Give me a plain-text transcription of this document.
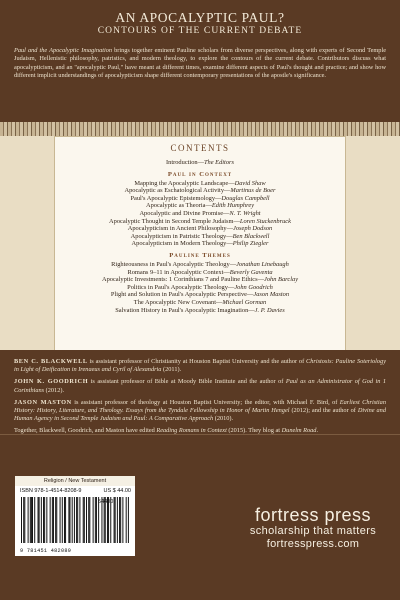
AN APOCALYPTIC PAUL?
CONTOURS OF THE CURRENT DEBATE

Paul and the Apocalyptic Imagination brings together eminent Pauline scholars from diverse perspectives, along with experts of Second Temple Judaism, Hellenistic philosophy, patristics, and modern theology, to explore the contours of the current debate. Contributors discuss what apocalypticism, and an "apocalyptic Paul," have meant at different times, examine different aspects of Paul's thought and practice; and show how different implicit understandings of apocalypticism shape different contemporary presentations of the apostle's significance.

CONTENTS
Introduction—The Editors
Paul in Context
Mapping the Apocalyptic Landscape—David Shaw
Apocalyptic as Eschatological Activity—Martinus de Boer
Paul's Apocalyptic Epistemology—Douglas Campbell
Apocalyptic as Theoria—Edith Humphrey
Apocalyptic and Divine Promise—N. T. Wright
Apocalyptic Thought in Second Temple Judaism—Loren Stuckenbruck
Apocalypticism in Ancient Philosophy—Joseph Dodson
Apocalypticism in Patristic Theology—Ben Blackwell
Apocalypticism in Modern Theology—Philip Ziegler
Pauline Themes
Righteousness in Paul's Apocalyptic Theology—Jonathan Linebaugh
Romans 9–11 in Apocalyptic Context—Beverly Gaventa
Apocalyptic Investments: 1 Corinthians 7 and Pauline Ethics—John Barclay
Politics in Paul's Apocalyptic Theology—John Goodrich
Plight and Solution in Paul's Apocalyptic Perspective—Jason Maston
The Apocalyptic New Covenant—Michael Gorman
Salvation History in Paul's Apocalyptic Imagination—J. P. Davies

BEN C. BLACKWELL is assistant professor of Christianity at Houston Baptist University and the author of Christosis: Pauline Soteriology in Light of Deification in Irenaeus and Cyril of Alexandria (2011).

JOHN K. GOODRICH is assistant professor of Bible at Moody Bible Institute and the author of Paul as an Administrator of God in 1 Corinthians (2012).

JASON MASTON is assistant professor of theology at Houston Baptist University; the editor, with Michael F. Bird, of Earliest Christian History: History, Literature, and Theology. Essays from the Tyndale Fellowship in Honor of Martin Hengel (2012); and the author of Divine and Human Agency in Second Temple Judaism and Paul: A Comparative Approach (2010).

Together, Blackwell, Goodrich, and Maston have edited Reading Romans in Context (2015). They blog at Dunelm Road.

Religion / New Testament
ISBN 978-1-4514-8208-9	US $ 44.00
9 781451 482089
54400
fortress press
scholarship that matters
fortresspress.com
